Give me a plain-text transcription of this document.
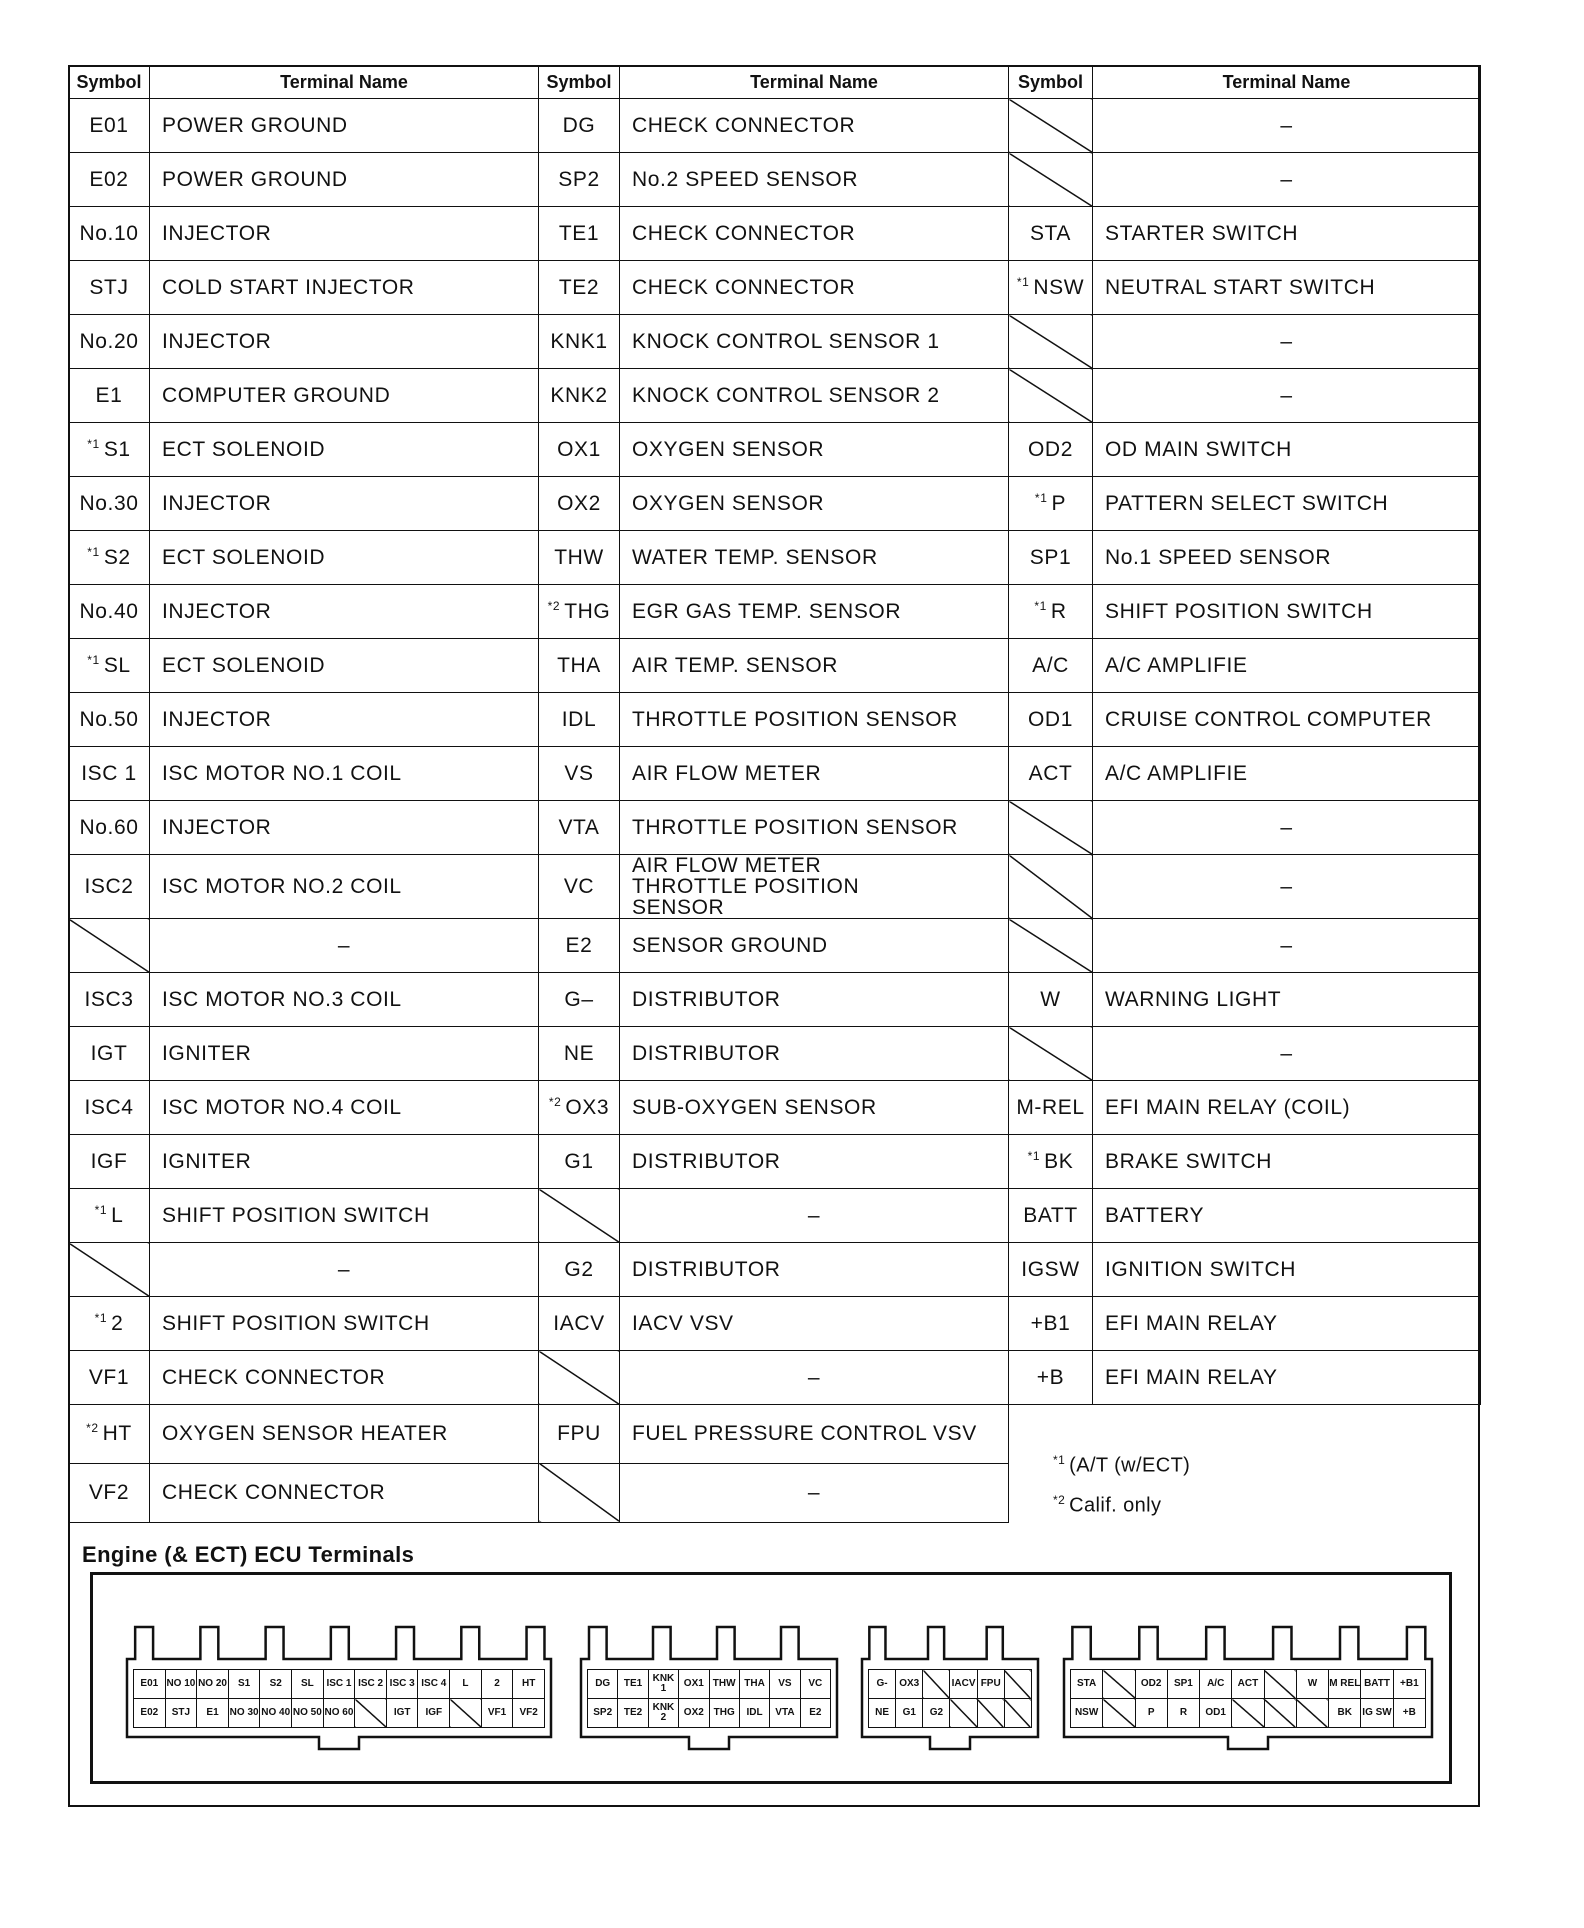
Symbol	Terminal Name	Symbol	Terminal Name	Symbol	Terminal Name
E01	POWER GROUND	DG	CHECK CONNECTOR		–
E02	POWER GROUND	SP2	No.2 SPEED SENSOR		–
No.10	INJECTOR	TE1	CHECK CONNECTOR	STA	STARTER SWITCH
STJ	COLD START INJECTOR	TE2	CHECK CONNECTOR	$^{*1}$ NSW	NEUTRAL START SWITCH
No.20	INJECTOR	KNK1	KNOCK CONTROL SENSOR 1		–
E1	COMPUTER GROUND	KNK2	KNOCK CONTROL SENSOR 2		–
$^{*1}$ S1	ECT SOLENOID	OX1	OXYGEN SENSOR	OD2	OD MAIN SWITCH
No.30	INJECTOR	OX2	OXYGEN SENSOR	$^{*1}$ P	PATTERN SELECT SWITCH
$^{*1}$ S2	ECT SOLENOID	THW	WATER TEMP. SENSOR	SP1	No.1 SPEED SENSOR
No.40	INJECTOR	$^{*2}$ THG	EGR GAS TEMP. SENSOR	$^{*1}$ R	SHIFT POSITION SWITCH
$^{*1}$ SL	ECT SOLENOID	THA	AIR TEMP. SENSOR	A/C	A/C AMPLIFIE
No.50	INJECTOR	IDL	THROTTLE POSITION SENSOR	OD1	CRUISE CONTROL COMPUTER
ISC 1	ISC MOTOR NO.1 COIL	VS	AIR FLOW METER	ACT	A/C AMPLIFIE
No.60	INJECTOR	VTA	THROTTLE POSITION SENSOR		–
ISC2	ISC MOTOR NO.2 COIL	VC	AIR FLOW METER THROTTLE POSITION SENSOR		–
	–	E2	SENSOR GROUND		–
ISC3	ISC MOTOR NO.3 COIL	G–	DISTRIBUTOR	W	WARNING LIGHT
IGT	IGNITER	NE	DISTRIBUTOR		–
ISC4	ISC MOTOR NO.4 COIL	$^{*2}$ OX3	SUB-OXYGEN SENSOR	M-REL	EFI MAIN RELAY (COIL)
IGF	IGNITER	G1	DISTRIBUTOR	$^{*1}$ BK	BRAKE SWITCH
$^{*1}$ L	SHIFT POSITION SWITCH		–	BATT	BATTERY
	–	G2	DISTRIBUTOR	IGSW	IGNITION SWITCH
$^{*1}$ 2	SHIFT POSITION SWITCH	IACV	IACV VSV	+B1	EFI MAIN RELAY
VF1	CHECK CONNECTOR		–	+B	EFI MAIN RELAY
$^{*2}$ HT	OXYGEN SENSOR HEATER	FPU	FUEL PRESSURE CONTROL VSV	$^{*1}$ (A/T (w/ECT)
$^{*2}$ Calif. only	

VF2	CHECK CONNECTOR		–		
Engine (& ECT) ECU Terminals
E01	NO 10	NO 20	S1	S2	SL	ISC 1	ISC 2	ISC 3	ISC 4	L	2	HT
E02	STJ	E1	NO 30	NO 40	NO 50	NO 60		IGT	IGF		VF1	VF2
DG	TE1	KNK 1	OX1	THW	THA	VS	VC
SP2	TE2	KNK 2	OX2	THG	IDL	VTA	E2
G-	OX3		IACV	FPU	
NE	G1	G2			
STA		OD2	SP1	A/C	ACT		W	M REL	BATT	+B1
NSW		P	R	OD1				BK	IG SW	+B
